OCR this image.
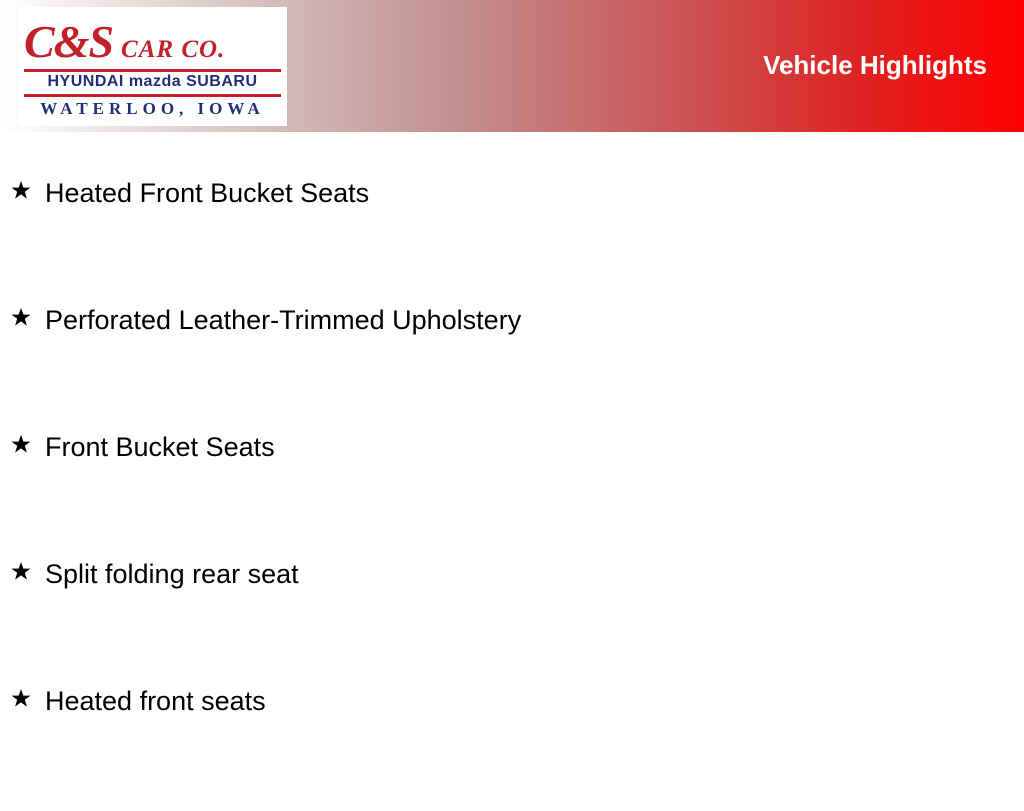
C&S CAR CO.
HYUNDAI mazda SUBARU
WATERLOO, IOWA
Vehicle Highlights
Heated Front Bucket Seats
Perforated Leather-Trimmed Upholstery
Front Bucket Seats
Split folding rear seat
Heated front seats
